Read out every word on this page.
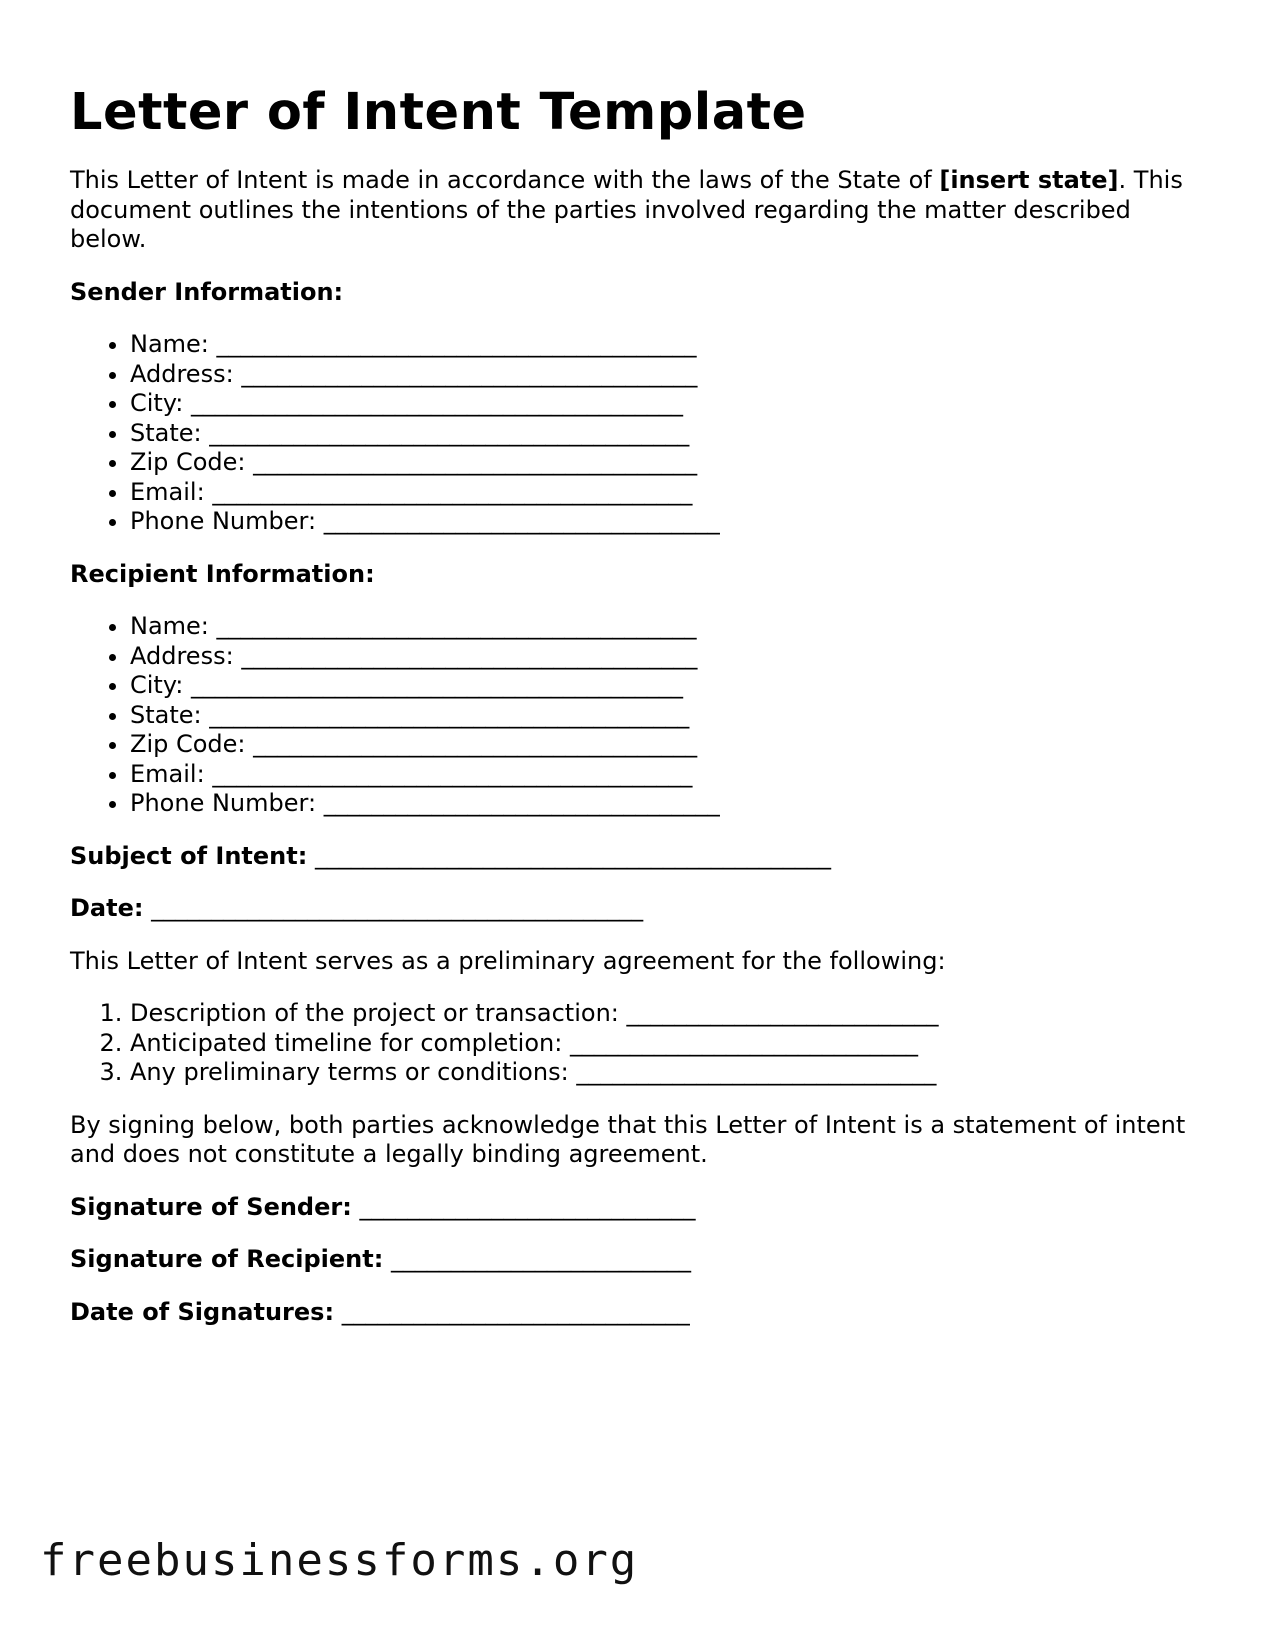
Letter of Intent Template

This Letter of Intent is made in accordance with the laws of the State of [insert state]. This document outlines the intentions of the parties involved regarding the matter described below.

Sender Information:

• Name: ________________________________________
• Address: ______________________________________
• City: _________________________________________
• State: ________________________________________
• Zip Code: _____________________________________
• Email: ________________________________________
• Phone Number: _________________________________

Recipient Information:

• Name: ________________________________________
• Address: ______________________________________
• City: _________________________________________
• State: ________________________________________
• Zip Code: _____________________________________
• Email: ________________________________________
• Phone Number: _________________________________

Subject of Intent: ___________________________________________

Date: _________________________________________

This Letter of Intent serves as a preliminary agreement for the following:

1. Description of the project or transaction: __________________________
2. Anticipated timeline for completion: _____________________________
3. Any preliminary terms or conditions: ______________________________

By signing below, both parties acknowledge that this Letter of Intent is a statement of intent and does not constitute a legally binding agreement.

Signature of Sender: ____________________________

Signature of Recipient: _________________________

Date of Signatures: _____________________________

freebusinessforms.org
